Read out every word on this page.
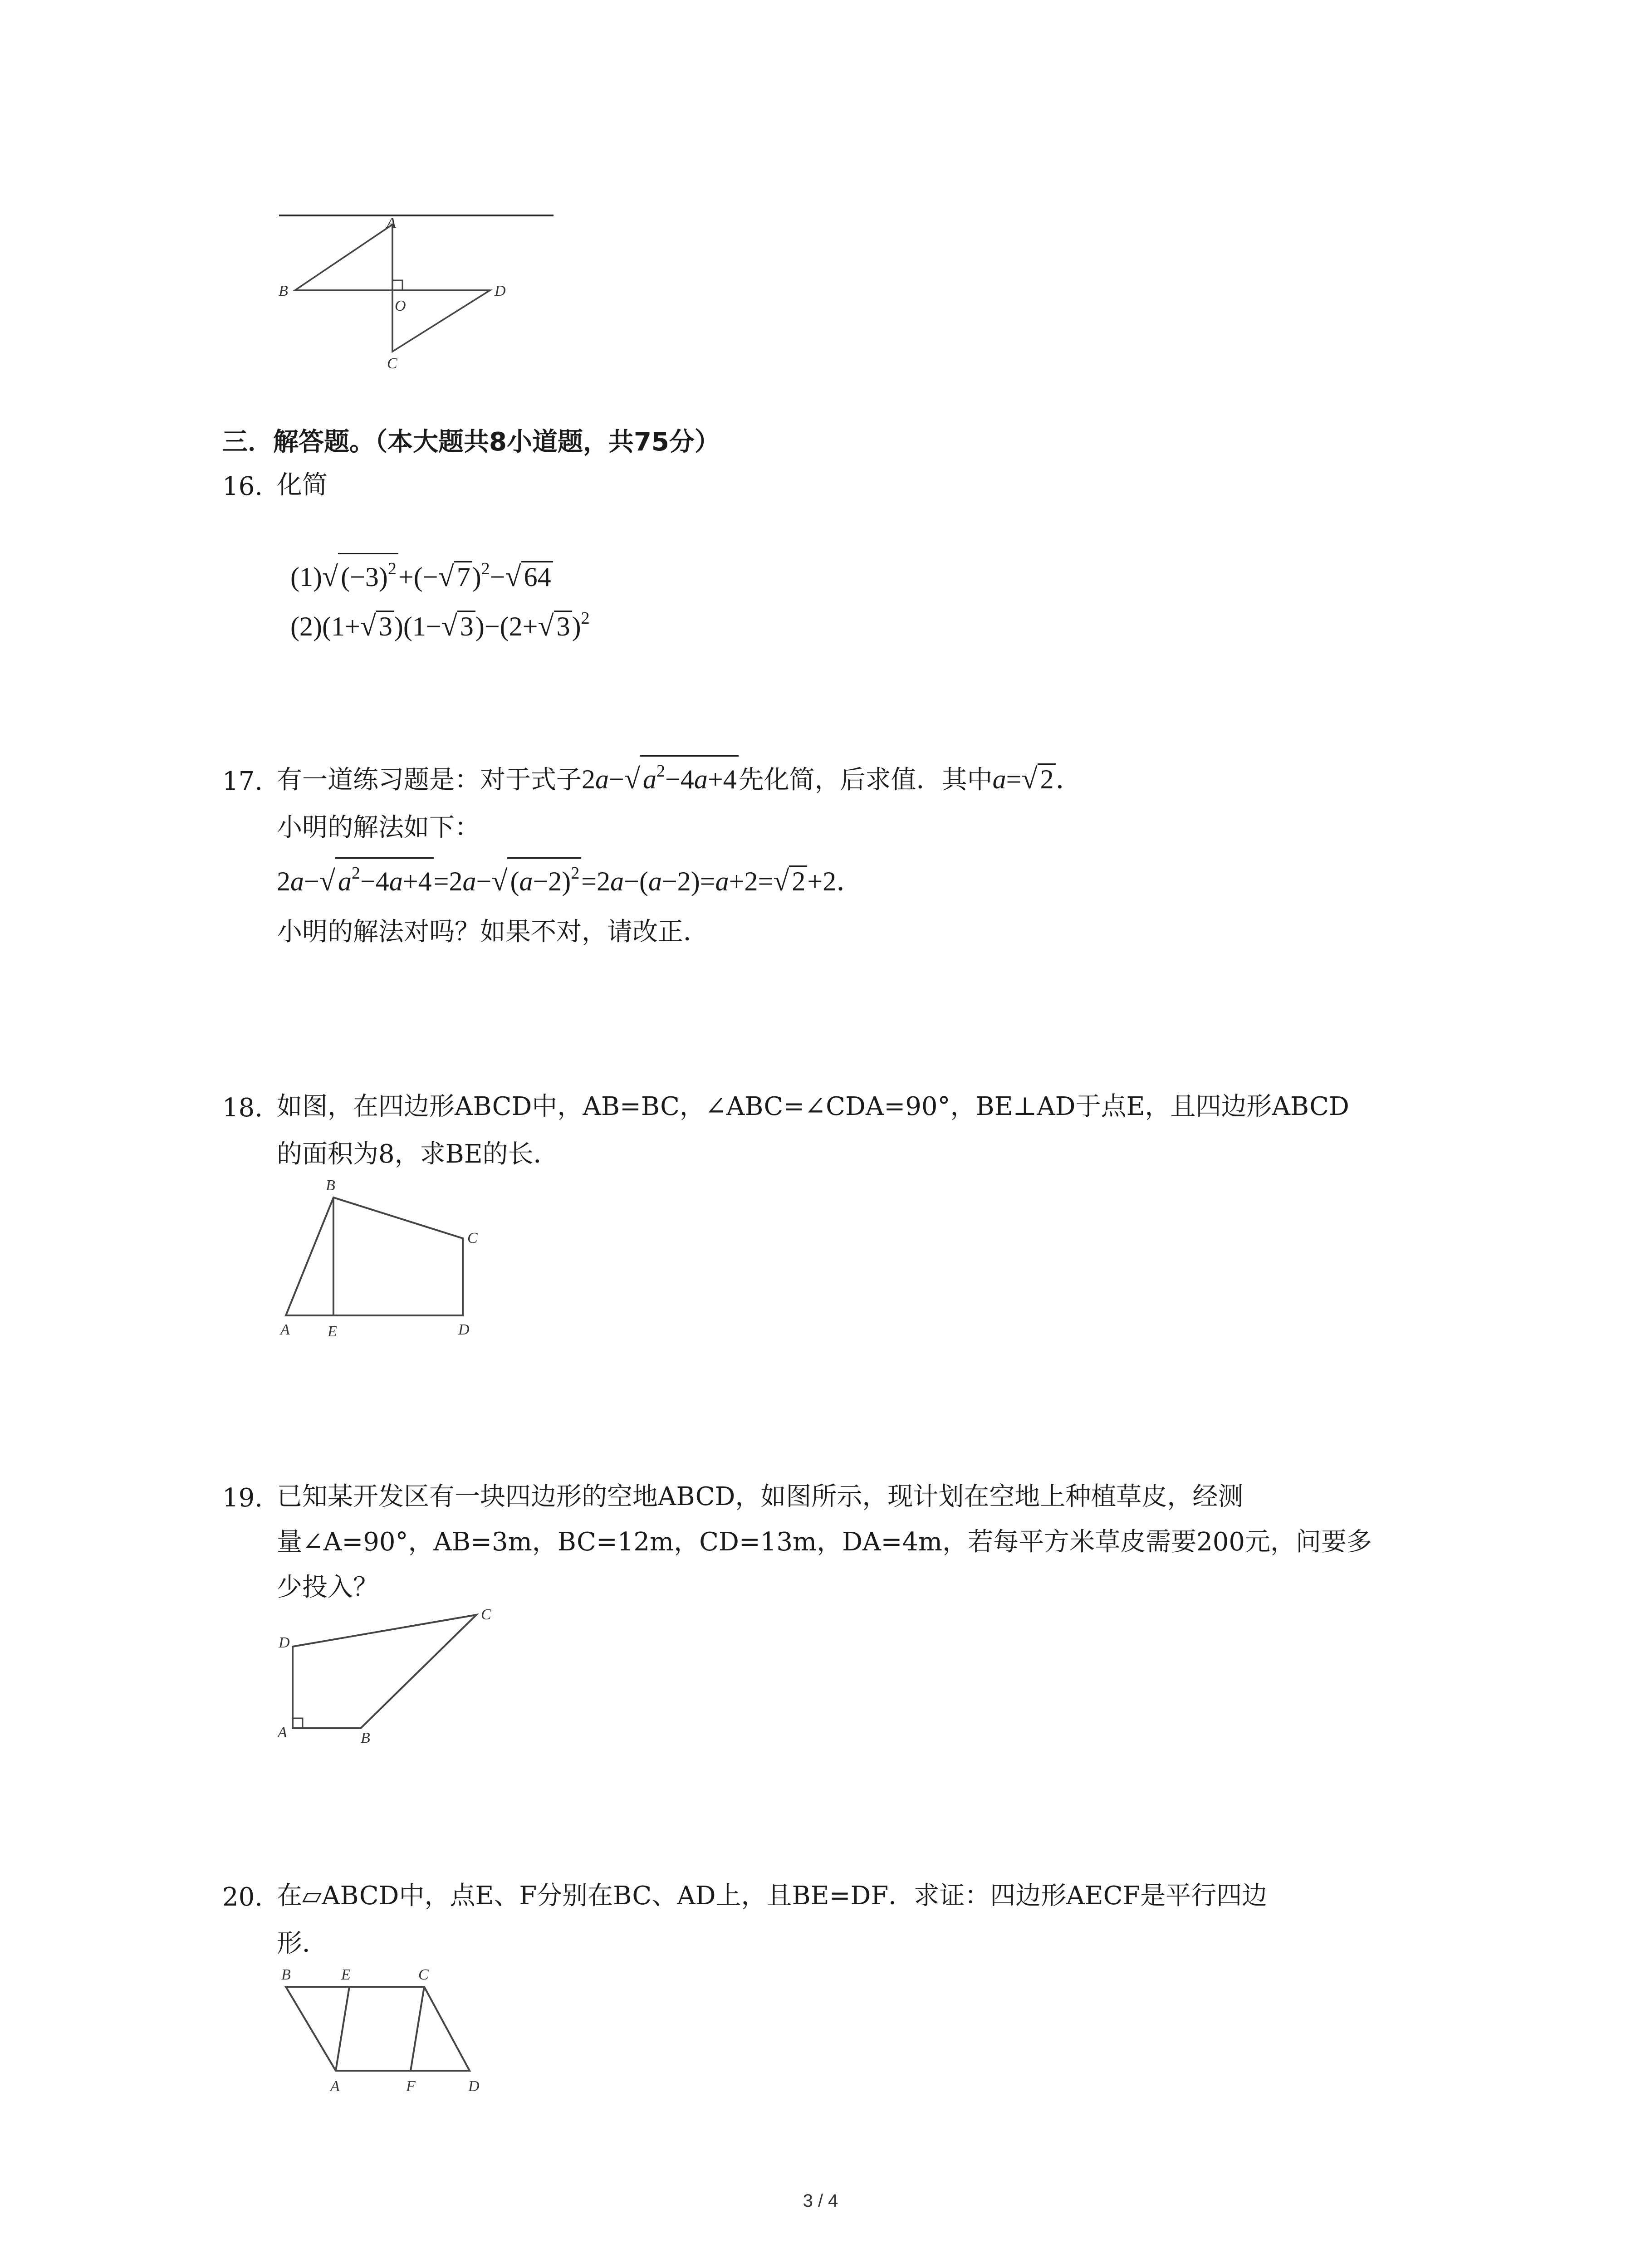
A
B
C
D
O
三．解答题。（本大题共8小道题，共75分）
16. 化简

(1)√ $(-3)^2+(-√$ 7)$^2$−√ 64

(2)(1+√ 3)(1−√ 3)−(2+√ 3)$^2$

17. 有一道练习题是：对于式子2a−√ $a^2-4a+4$先化简，后求值．其中a=√ 2．
小明的解法如下：
2a−√ $a^2-4a+4=2a-√$ $(a-2)^2=2a-(a-2)=a+2=√$ 2+2．
小明的解法对吗？如果不对，请改正．
18. 如图，在四边形ABCD中，AB=BC，∠ABC=∠CDA=90°，BE⊥AD于点E，且四边形ABCD
的面积为8，求BE的长．
B
C
A E	D
19. 已知某开发区有一块四边形的空地ABCD，如图所示，现计划在空地上种植草皮，经测
量∠A=90°，AB=3m，BC=12m，CD=13m，DA=4m，若每平方米草皮需要200元，问要多
少投入？
D
C
A	B
20. 在▱ABCD中，点E、F分别在BC、AD上，且BE=DF．求证：四边形AECF是平行四边
形．
B	E	C
A	F	D
3 / 4
